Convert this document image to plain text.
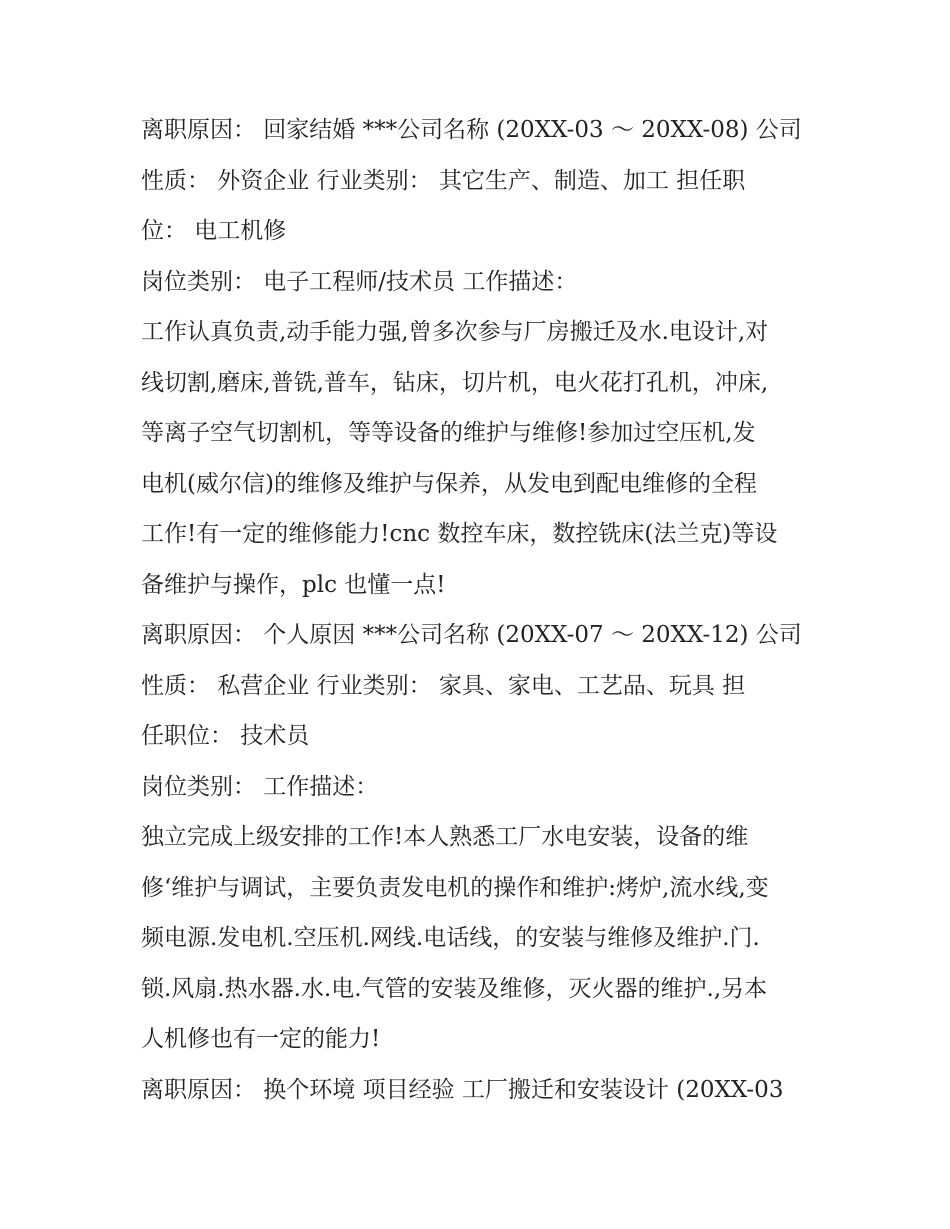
离职原因： 回家结婚 ***公司名称 (20XX-03 ～ 20XX-08) 公司
性质： 外资企业 行业类别： 其它生产、制造、加工 担任职
位： 电工机修
岗位类别： 电子工程师/技术员 工作描述：
工作认真负责,动手能力强,曾多次参与厂房搬迁及水.电设计,对
线切割,磨床,普铣,普车，钻床，切片机，电火花打孔机，冲床,
等离子空气切割机，等等设备的维护与维修!参加过空压机,发
电机(威尔信)的维修及维护与保养，从发电到配电维修的全程
工作!有一定的维修能力!cnc 数控车床，数控铣床(法兰克)等设
备维护与操作，plc 也懂一点!
离职原因： 个人原因 ***公司名称 (20XX-07 ～ 20XX-12) 公司
性质： 私营企业 行业类别： 家具、家电、工艺品、玩具 担
任职位： 技术员
岗位类别： 工作描述：
独立完成上级安排的工作!本人熟悉工厂水电安装，设备的维
修‘维护与调试，主要负责发电机的操作和维护:烤炉,流水线,变
频电源.发电机.空压机.网线.电话线，的安装与维修及维护.门.
锁.风扇.热水器.水.电.气管的安装及维修，灭火器的维护.,另本
人机修也有一定的能力!
离职原因： 换个环境 项目经验 工厂搬迁和安装设计 (20XX-03
